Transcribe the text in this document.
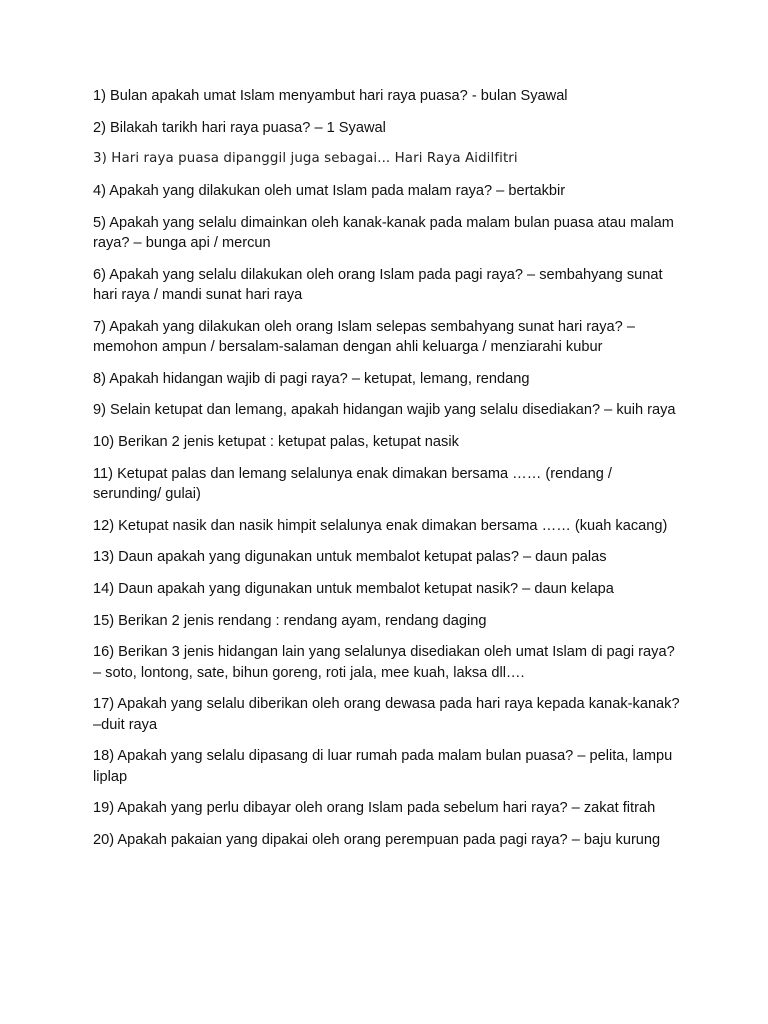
1) Bulan apakah umat Islam menyambut hari raya puasa? - bulan Syawal
2) Bilakah tarikh hari raya puasa? – 1 Syawal
3) Hari raya puasa dipanggil juga sebagai... Hari Raya Aidilfitri
4) Apakah yang dilakukan oleh umat Islam pada malam raya? – bertakbir
5) Apakah yang selalu dimainkan oleh kanak-kanak pada malam bulan puasa atau malam raya? – bunga api / mercun
6) Apakah yang selalu dilakukan oleh orang Islam pada pagi raya? – sembahyang sunat hari raya / mandi sunat hari raya
7) Apakah yang dilakukan oleh orang Islam selepas sembahyang sunat hari raya? – memohon ampun / bersalam-salaman dengan ahli keluarga / menziarahi kubur
8) Apakah hidangan wajib di pagi raya? – ketupat, lemang, rendang
9) Selain ketupat dan lemang, apakah hidangan wajib yang selalu disediakan? – kuih raya
10) Berikan 2 jenis ketupat : ketupat palas, ketupat nasik
11) Ketupat palas dan lemang selalunya enak dimakan bersama …… (rendang / serunding/ gulai)
12) Ketupat nasik dan nasik himpit selalunya enak dimakan bersama …… (kuah kacang)
13) Daun apakah yang digunakan untuk membalot ketupat palas? – daun palas
14) Daun apakah yang digunakan untuk membalot ketupat nasik? – daun kelapa
15) Berikan 2 jenis rendang : rendang ayam, rendang daging
16) Berikan 3 jenis hidangan lain yang selalunya disediakan oleh umat Islam di pagi raya? – soto, lontong, sate, bihun goreng, roti jala, mee kuah, laksa dll….
17) Apakah yang selalu diberikan oleh orang dewasa pada hari raya kepada kanak-kanak? –duit raya
18) Apakah yang selalu dipasang di luar rumah pada malam bulan puasa? – pelita, lampu liplap
19) Apakah yang perlu dibayar oleh orang Islam pada sebelum hari raya? – zakat fitrah
20) Apakah pakaian yang dipakai oleh orang perempuan pada pagi raya? – baju kurung
